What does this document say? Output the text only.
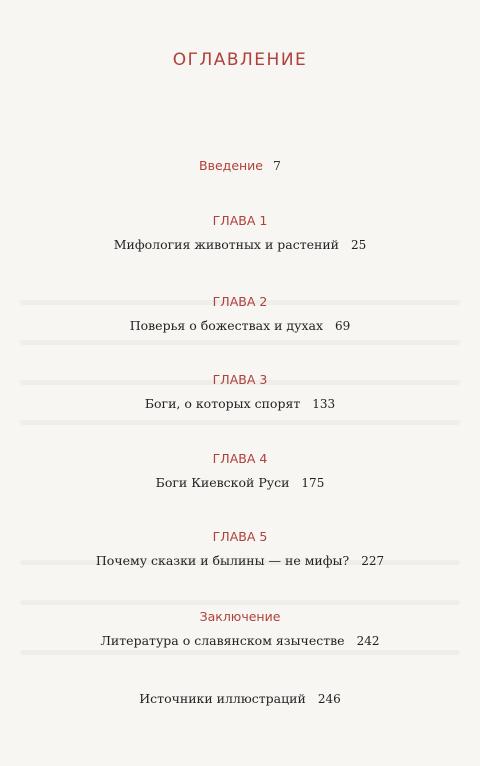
ОГЛАВЛЕНИЕ
Введение 7
ГЛАВА 1
Мифология животных и растений 25
ГЛАВА 2
Поверья о божествах и духах 69
ГЛАВА 3
Боги, о которых спорят 133
ГЛАВА 4
Боги Киевской Руси 175
ГЛАВА 5
Почему сказки и былины — не мифы? 227
Заключение
Литература о славянском язычестве 242
Источники иллюстраций 246
